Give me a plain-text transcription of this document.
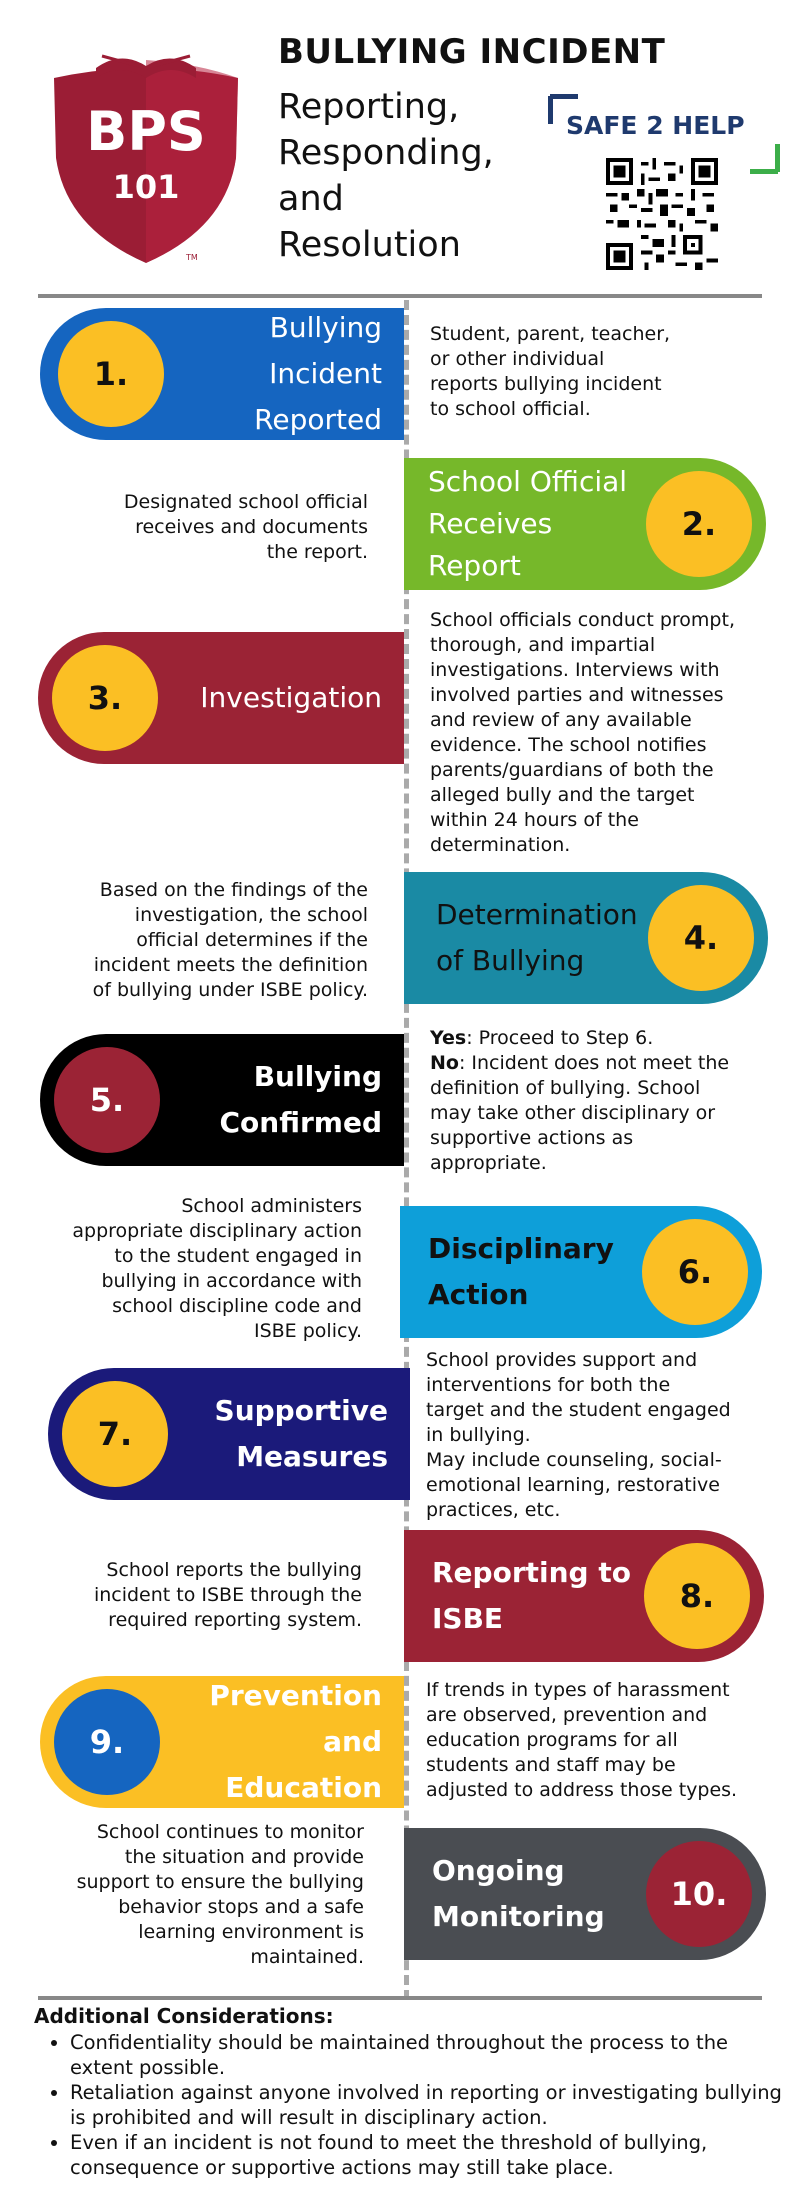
BPS
101
TM
BULLYING INCIDENT
Reporting,
Responding,
and
Resolution
SAFE 2 HELP
1.
Bullying
Incident
Reported
Student, parent, teacher,
or other individual
reports bullying incident
to school official.
2.
School Official
Receives
Report
Designated school official
receives and documents
the report.
3.	Investigation
School officials conduct prompt,
thorough, and impartial
investigations. Interviews with
involved parties and witnesses
and review of any available
evidence. The school notifies
parents/guardians of both the
alleged bully and the target
within 24 hours of the
determination.
4.
Determination
of Bullying
Based on the findings of the
investigation, the school
official determines if the
incident meets the definition
of bullying under ISBE policy.
5.
Bullying
Confirmed
Yes: Proceed to Step 6.
No: Incident does not meet the
definition of bullying. School
may take other disciplinary or
supportive actions as
appropriate.
6.
Disciplinary
Action
School administers
appropriate disciplinary action
to the student engaged in
bullying in accordance with
school discipline code and
ISBE policy.
7.
Supportive
Measures
School provides support and
interventions for both the
target and the student engaged
in bullying.
May include counseling, social-
emotional learning, restorative
practices, etc.
8.
Reporting to
ISBE
School reports the bullying
incident to ISBE through the
required reporting system.
9.
Prevention and
Education
If trends in types of harassment
are observed, prevention and
education programs for all
students and staff may be
adjusted to address those types.
10.
Ongoing
Monitoring
School continues to monitor
the situation and provide
support to ensure the bullying
behavior stops and a safe
learning environment is
maintained.
Additional Considerations:
• Confidentiality should be maintained throughout the process to the extent possible.
• Retaliation against anyone involved in reporting or investigating bullying is prohibited and will result in disciplinary action.
• Even if an incident is not found to meet the threshold of bullying, consequence or supportive actions may still take place.
